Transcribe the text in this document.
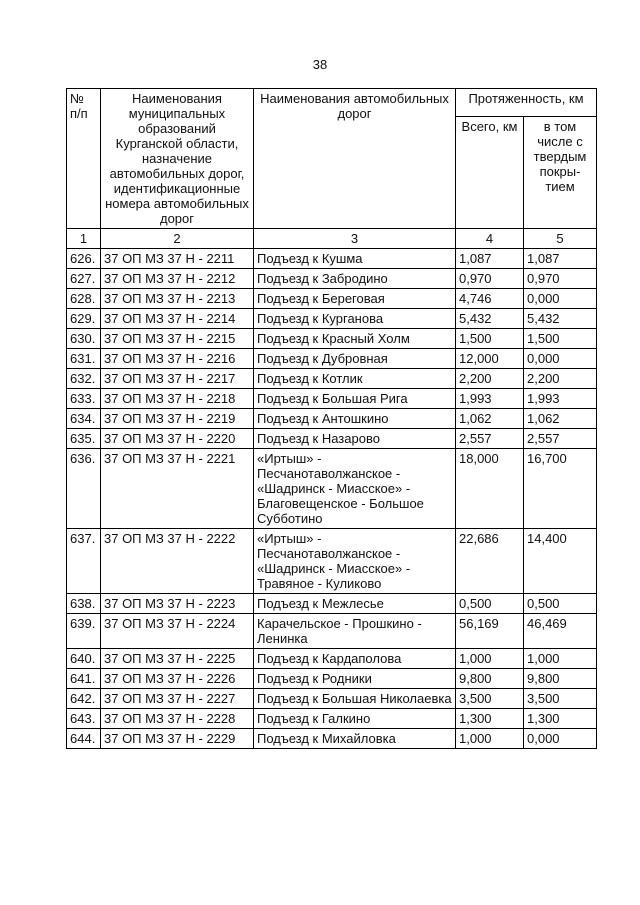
38
№ п/п	Наименования муниципальных образований Курганской области, назначение автомобильных дорог, идентификационные номера автомобильных дорог	Наименования автомобильных дорог	Протяженность, км	
			Всего, км	в том числе с твердым покры-тием
1	2	3	4	5
626.	37 ОП МЗ 37 Н - 2211	Подъезд к Кушма	1,087	1,087
627.	37 ОП МЗ 37 Н - 2212	Подъезд к Забродино	0,970	0,970
628.	37 ОП МЗ 37 Н - 2213	Подъезд к Береговая	4,746	0,000
629.	37 ОП МЗ 37 Н - 2214	Подъезд к Курганова	5,432	5,432
630.	37 ОП МЗ 37 Н - 2215	Подъезд к Красный Холм	1,500	1,500
631.	37 ОП МЗ 37 Н - 2216	Подъезд к Дубровная	12,000	0,000
632.	37 ОП МЗ 37 Н - 2217	Подъезд к Котлик	2,200	2,200
633.	37 ОП МЗ 37 Н - 2218	Подъезд к Большая Рига	1,993	1,993
634.	37 ОП МЗ 37 Н - 2219	Подъезд к Антошкино	1,062	1,062
635.	37 ОП МЗ 37 Н - 2220	Подъезд к Назарово	2,557	2,557
636.	37 ОП МЗ 37 Н - 2221	«Иртыш» - Песчанотаволжанское - «Шадринск - Миасское» - Благовещенское - Большое Субботино	18,000	16,700
637.	37 ОП МЗ 37 Н - 2222	«Иртыш» - Песчанотаволжанское - «Шадринск - Миасское» - Травяное - Куликово	22,686	14,400
638.	37 ОП МЗ 37 Н - 2223	Подъезд к Межлесье	0,500	0,500
639.	37 ОП МЗ 37 Н - 2224	Карачельское - Прошкино - Ленинка	56,169	46,469
640.	37 ОП МЗ 37 Н - 2225	Подъезд к Кардаполова	1,000	1,000
641.	37 ОП МЗ 37 Н - 2226	Подъезд к Родники	9,800	9,800
642.	37 ОП МЗ 37 Н - 2227	Подъезд к Большая Николаевка	3,500	3,500
643.	37 ОП МЗ 37 Н - 2228	Подъезд к Галкино	1,300	1,300
644.	37 ОП МЗ 37 Н - 2229	Подъезд к Михайловка	1,000	0,000
